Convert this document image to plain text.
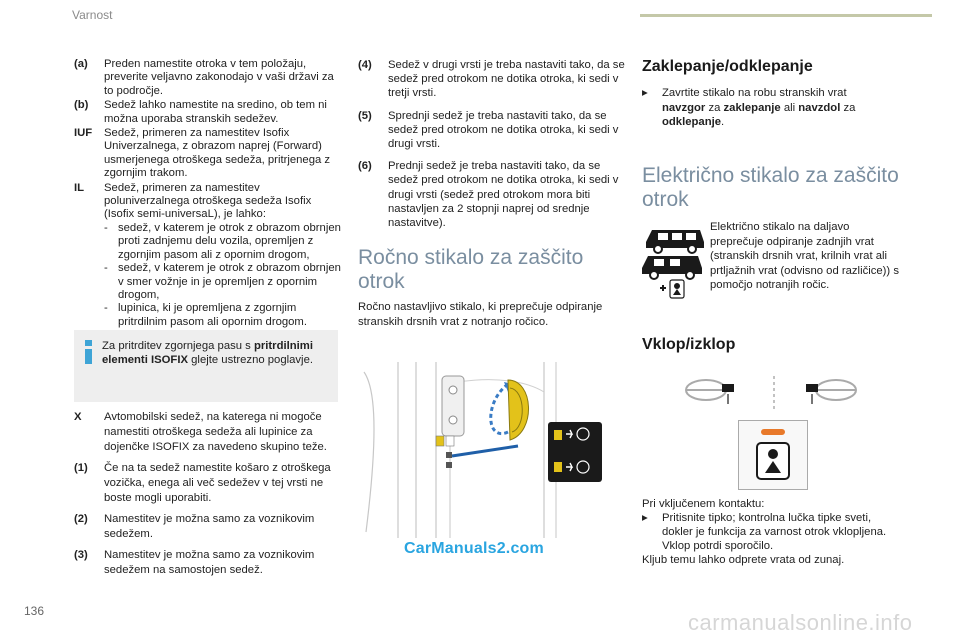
Varnost
(a)	Preden namestite otroka v tem položaju, preverite veljavno zakonodajo v vaši državi za to področje.
(b)	Sedež lahko namestite na sredino, ob tem ni možna uporaba stranskih sedežev.
IUF	Sedež, primeren za namestitev Isofix Univerzalnega, z obrazom naprej (Forward) usmerjenega otroškega sedeža, pritrjenega z zgornjim trakom.
IL	Sedež, primeren za namestitev poluniverzalnega otroškega sedeža Isofix (Isofix semi-universaL), je lahko:
- sedež, v katerem je otrok z obrazom obrnjen proti zadnjemu delu vozila, opremljen z zgornjim pasom ali z opornim drogom,
- sedež, v katerem je otrok z obrazom obrnjen v smer vožnje in je opremljen z opornim drogom,
- lupinica, ki je opremljena z zgornjim pritrdilnim pasom ali opornim drogom.
Za pritrditev zgornjega pasu s pritrdilnimi elementi ISOFIX glejte ustrezno poglavje.
X	Avtomobilski sedež, na katerega ni mogoče namestiti otroškega sedeža ali lupinice za dojenčke ISOFIX za navedeno skupino teže.
(1)	Če na ta sedež namestite košaro z otroškega vozička, enega ali več sedežev v tej vrsti ne boste mogli uporabiti.
(2)	Namestitev je možna samo za voznikovim sedežem.
(3)	Namestitev je možna samo za voznikovim sedežem na samostojen sedež.
(4)	Sedež v drugi vrsti je treba nastaviti tako, da se sedež pred otrokom ne dotika otroka, ki sedi v tretji vrsti.
(5)	Sprednji sedež je treba nastaviti tako, da se sedež pred otrokom ne dotika otroka, ki sedi v drugi vrsti.
(6)	Prednji sedež je treba nastaviti tako, da se sedež pred otrokom ne dotika otroka, ki sedi v drugi vrsti (sedež pred otrokom mora biti nastavljen za 2 stopnji naprej od srednje nastavitve).
Ročno stikalo za zaščito otrok
Ročno nastavljivo stikalo, ki preprečuje odpiranje stranskih drsnih vrat z notranjo ročico.
CarManuals2.com
Zaklepanje/odklepanje
▸	Zavrtite stikalo na robu stranskih vrat navzgor za zaklepanje ali navzdol za odklepanje.
Električno stikalo za zaščito otrok
Električno stikalo na daljavo preprečuje odpiranje zadnjih vrat (stranskih drsnih vrat, krilnih vrat ali prtljažnih vrat (odvisno od različice)) s pomočjo notranjih ročic.
Vklop/izklop
Pri vključenem kontaktu:
▸	Pritisnite tipko; kontrolna lučka tipke sveti, dokler je funkcija za varnost otrok vklopljena. Vklop potrdi sporočilo.
Kljub temu lahko odprete vrata od zunaj.
136	carmanualsonline.info
